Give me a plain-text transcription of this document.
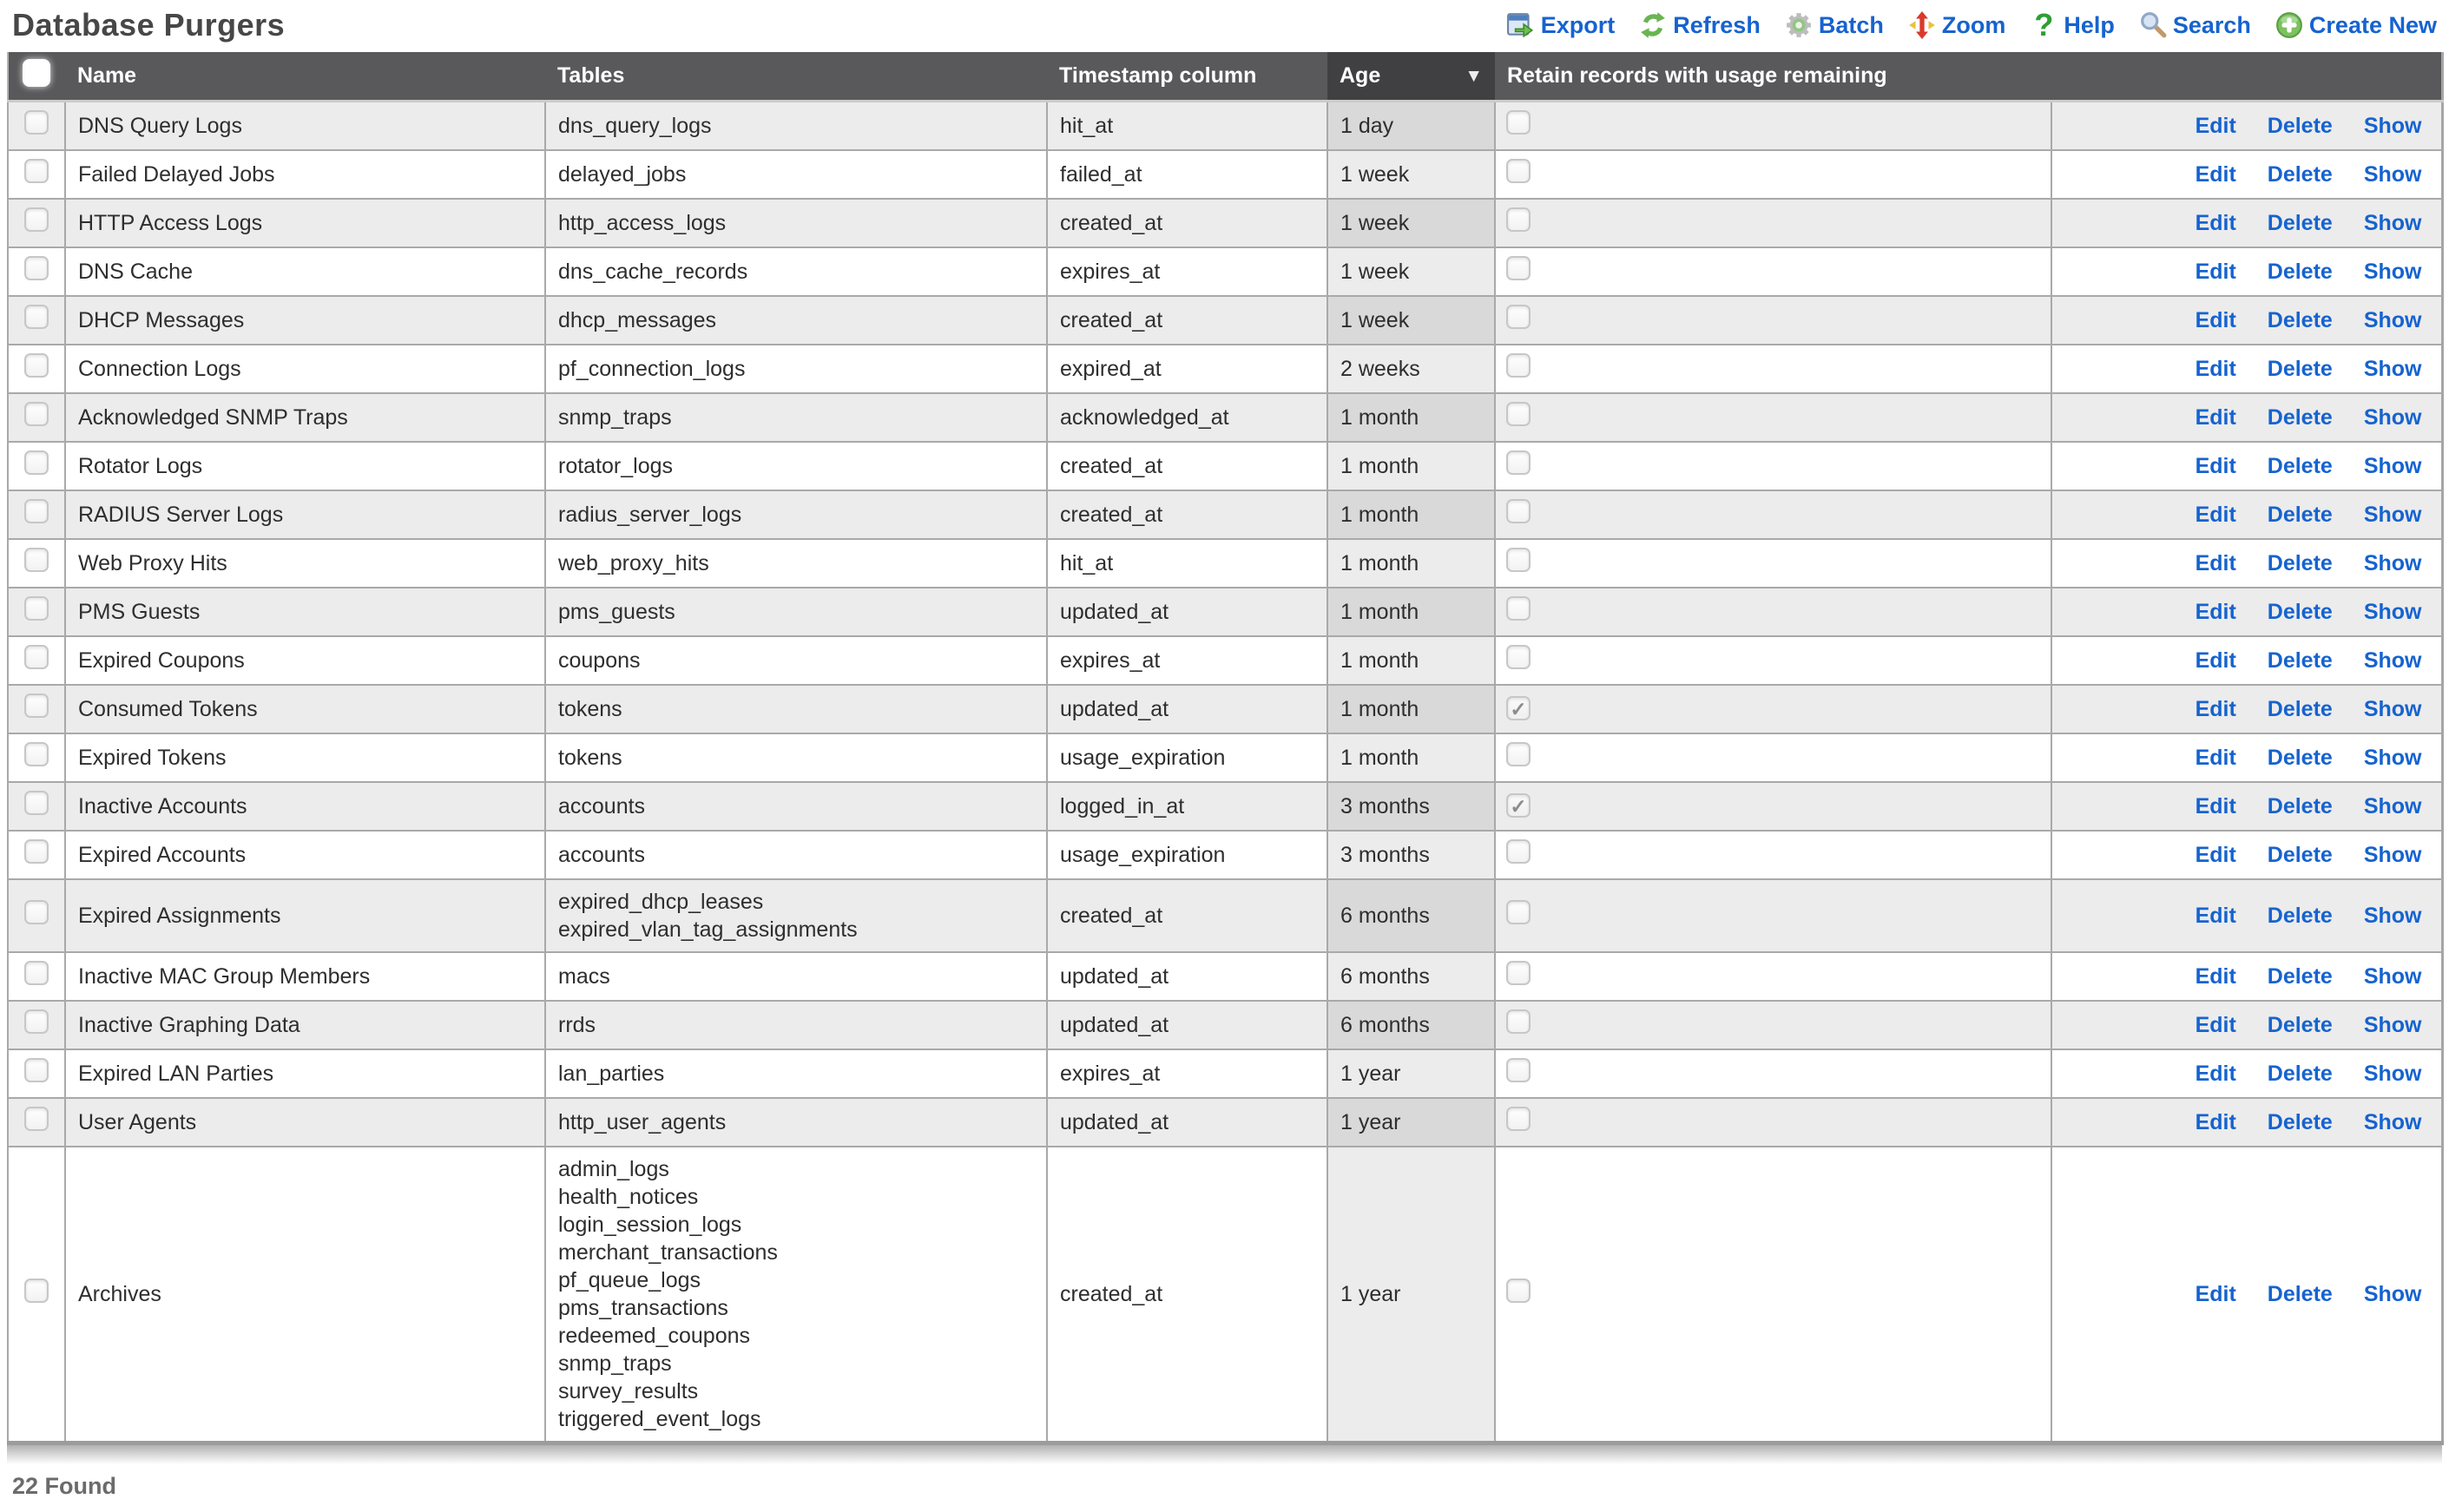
Database Purgers	Export Refresh Batch Zoom ? Help Search Create New
	Name	Tables	Timestamp column	Age ▼	Retain records with usage remaining	
	DNS Query Logs	dns_query_logs	hit_at	1 day		Edit Delete Show
	Failed Delayed Jobs	delayed_jobs	failed_at	1 week		Edit Delete Show
	HTTP Access Logs	http_access_logs	created_at	1 week		Edit Delete Show
	DNS Cache	dns_cache_records	expires_at	1 week		Edit Delete Show
	DHCP Messages	dhcp_messages	created_at	1 week		Edit Delete Show
	Connection Logs	pf_connection_logs	expired_at	2 weeks		Edit Delete Show
	Acknowledged SNMP Traps	snmp_traps	acknowledged_at	1 month		Edit Delete Show
	Rotator Logs	rotator_logs	created_at	1 month		Edit Delete Show
	RADIUS Server Logs	radius_server_logs	created_at	1 month		Edit Delete Show
	Web Proxy Hits	web_proxy_hits	hit_at	1 month		Edit Delete Show
	PMS Guests	pms_guests	updated_at	1 month		Edit Delete Show
	Expired Coupons	coupons	expires_at	1 month		Edit Delete Show
	Consumed Tokens	tokens	updated_at	1 month	✓	Edit Delete Show
	Expired Tokens	tokens	usage_expiration	1 month		Edit Delete Show
	Inactive Accounts	accounts	logged_in_at	3 months	✓	Edit Delete Show
	Expired Accounts	accounts	usage_expiration	3 months		Edit Delete Show
	Expired Assignments	expired_dhcp_leases
expired_vlan_tag_assignments	created_at	6 months		Edit Delete Show
	Inactive MAC Group Members	macs	updated_at	6 months		Edit Delete Show
	Inactive Graphing Data	rrds	updated_at	6 months		Edit Delete Show
	Expired LAN Parties	lan_parties	expires_at	1 year		Edit Delete Show
	User Agents	http_user_agents	updated_at	1 year		Edit Delete Show
	Archives	
admin_logs
health_notices
login_session_logs
merchant_transactions
pf_queue_logs
pms_transactions
redeemed_coupons
snmp_traps
survey_results
triggered_event_logs
	created_at	1 year		Edit Delete Show
22 Found
